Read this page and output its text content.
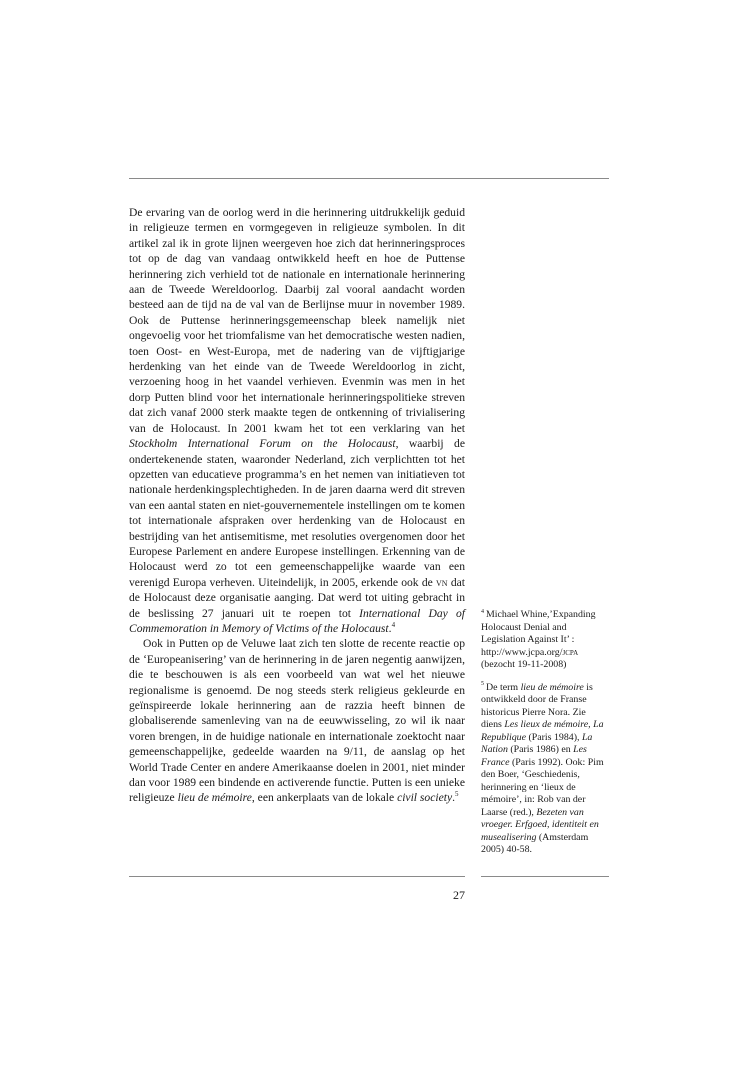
De ervaring van de oorlog werd in die herinnering uitdrukkelijk geduid in religieuze termen en vormgegeven in religieuze symbolen. In dit artikel zal ik in grote lijnen weergeven hoe zich dat herinneringsproces tot op de dag van vandaag ontwikkeld heeft en hoe de Puttense herinnering zich verhield tot de nationale en internationale herinnering aan de Tweede Wereldoorlog. Daarbij zal vooral aandacht worden besteed aan de tijd na de val van de Berlijnse muur in november 1989. Ook de Puttense herinneringsgemeenschap bleek namelijk niet ongevoelig voor het triomfalisme van het democratische westen nadien, toen Oost- en West-Europa, met de nadering van de vijftigjarige herdenking van het einde van de Tweede Wereldoorlog in zicht, verzoening hoog in het vaandel verhieven. Evenmin was men in het dorp Putten blind voor het internationale herinneringspolitieke streven dat zich vanaf 2000 sterk maakte tegen de ontkenning of trivialisering van de Holocaust. In 2001 kwam het tot een verklaring van het Stockholm International Forum on the Holocaust, waarbij de ondertekenende staten, waaronder Nederland, zich verplichtten tot het opzetten van educatieve programma’s en het nemen van initiatieven tot nationale herdenkingsplechtigheden. In de jaren daarna werd dit streven van een aantal staten en niet-gouvernementele instellingen om te komen tot internationale afspraken over herdenking van de Holocaust en bestrijding van het antisemitisme, met resoluties overgenomen door het Europese Parlement en andere Europese instellingen. Erkenning van de Holocaust werd zo tot een gemeenschappelijke waarde van een verenigd Europa verheven. Uiteindelijk, in 2005, erkende ook de vn dat de Holocaust deze organisatie aanging. Dat werd tot uiting gebracht in de beslissing 27 januari uit te roepen tot International Day of Commemoration in Memory of Victims of the Holocaust.$^4$

Ook in Putten op de Veluwe laat zich ten slotte de recente reactie op de ‘Europeanisering’ van de herinnering in de jaren negentig aanwijzen, die te beschouwen is als een voorbeeld van wat wel het nieuwe regionalisme is genoemd. De nog steeds sterk religieus gekleurde en geïnspireerde lokale herinnering aan de razzia heeft binnen de globaliserende samenleving van na de eeuwwisseling, zo wil ik naar voren brengen, in de huidige nationale en internationale zoektocht naar gemeenschappelijke, gedeelde waarden na 9/11, de aanslag op het World Trade Center en andere Amerikaanse doelen in 2001, niet minder dan voor 1989 een bindende en activerende functie. Putten is een unieke religieuze lieu de mémoire, een ankerplaats van de lokale civil society.$^5$

$^4$ Michael Whine,’Expanding Holocaust Denial and Legislation Against It’ : http://www.jcpa.org/jcpa (bezocht 19-11-2008)

$^5$ De term lieu de mémoire is ontwikkeld door de Franse historicus Pierre Nora. Zie diens Les lieux de mémoire, La Republique (Paris 1984), La Nation (Paris 1986) en Les France (Paris 1992). Ook: Pim den Boer, ‘Geschiedenis, herinnering en ‘lieux de mémoire’, in: Rob van der Laarse (red.), Bezeten van vroeger. Erfgoed, identiteit en musealisering (Amsterdam 2005) 40-58.

27
